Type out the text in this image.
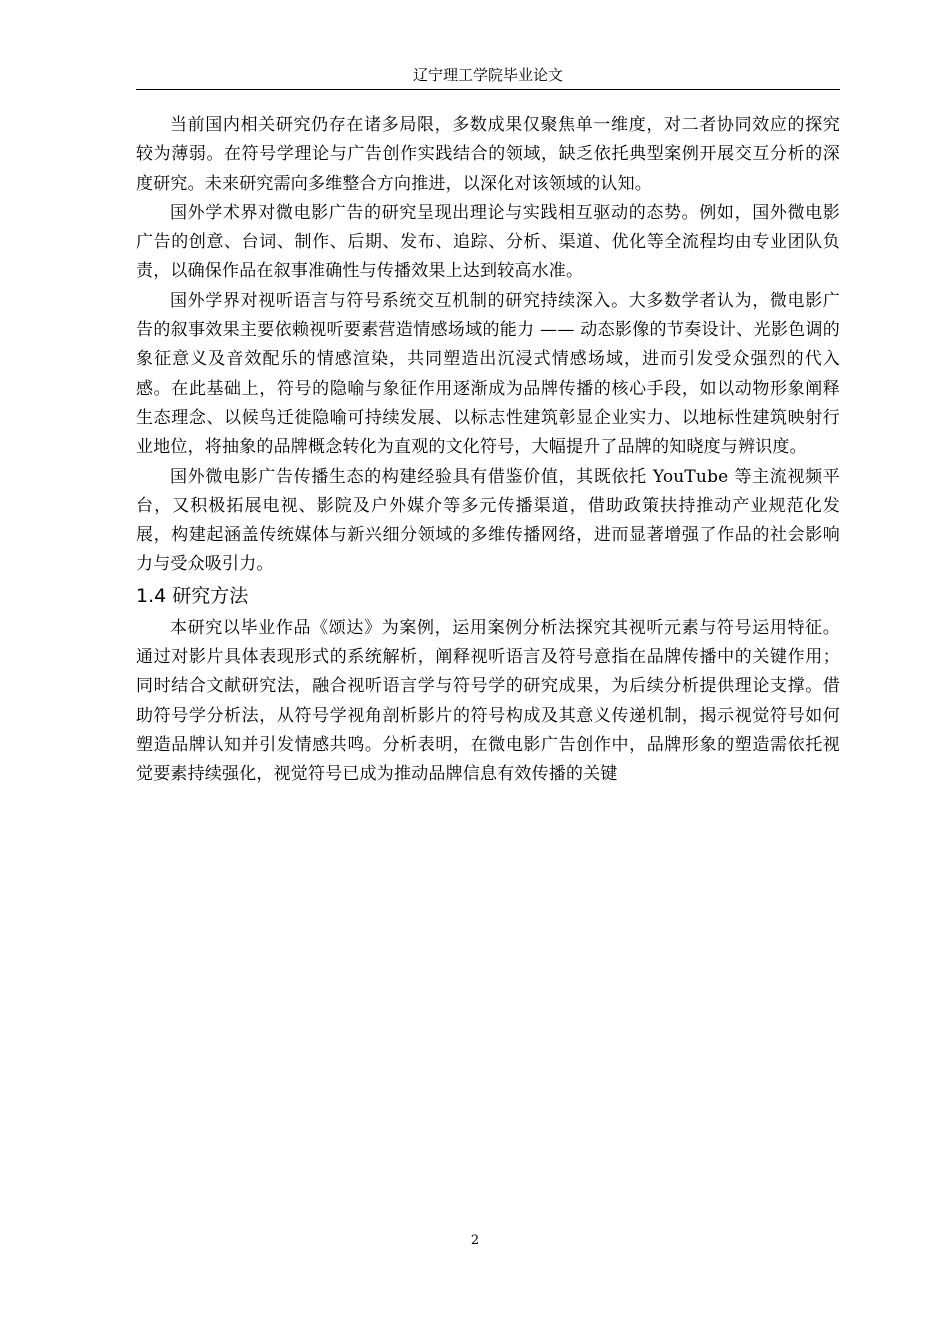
辽宁理工学院毕业论文

当前国内相关研究仍存在诸多局限，多数成果仅聚焦单一维度，对二者协同效应的探究较为薄弱。在符号学理论与广告创作实践结合的领域，缺乏依托典型案例开展交互分析的深度研究。未来研究需向多维整合方向推进，以深化对该领域的认知。

国外学术界对微电影广告的研究呈现出理论与实践相互驱动的态势。例如，国外微电影广告的创意、台词、制作、后期、发布、追踪、分析、渠道、优化等全流程均由专业团队负责，以确保作品在叙事准确性与传播效果上达到较高水准。

国外学界对视听语言与符号系统交互机制的研究持续深入。大多数学者认为，微电影广告的叙事效果主要依赖视听要素营造情感场域的能力 —— 动态影像的节奏设计、光影色调的象征意义及音效配乐的情感渲染，共同塑造出沉浸式情感场域，进而引发受众强烈的代入感。在此基础上，符号的隐喻与象征作用逐渐成为品牌传播的核心手段，如以动物形象阐释生态理念、以候鸟迁徙隐喻可持续发展、以标志性建筑彰显企业实力、以地标性建筑映射行业地位，将抽象的品牌概念转化为直观的文化符号，大幅提升了品牌的知晓度与辨识度。

国外微电影广告传播生态的构建经验具有借鉴价值，其既依托 YouTube 等主流视频平台，又积极拓展电视、影院及户外媒介等多元传播渠道，借助政策扶持推动产业规范化发展，构建起涵盖传统媒体与新兴细分领域的多维传播网络，进而显著增强了作品的社会影响力与受众吸引力。

1.4 研究方法

本研究以毕业作品《颂达》为案例，运用案例分析法探究其视听元素与符号运用特征。通过对影片具体表现形式的系统解析，阐释视听语言及符号意指在品牌传播中的关键作用；同时结合文献研究法，融合视听语言学与符号学的研究成果，为后续分析提供理论支撑。借助符号学分析法，从符号学视角剖析影片的符号构成及其意义传递机制，揭示视觉符号如何塑造品牌认知并引发情感共鸣。分析表明，在微电影广告创作中，品牌形象的塑造需依托视觉要素持续强化，视觉符号已成为推动品牌信息有效传播的关键

2
